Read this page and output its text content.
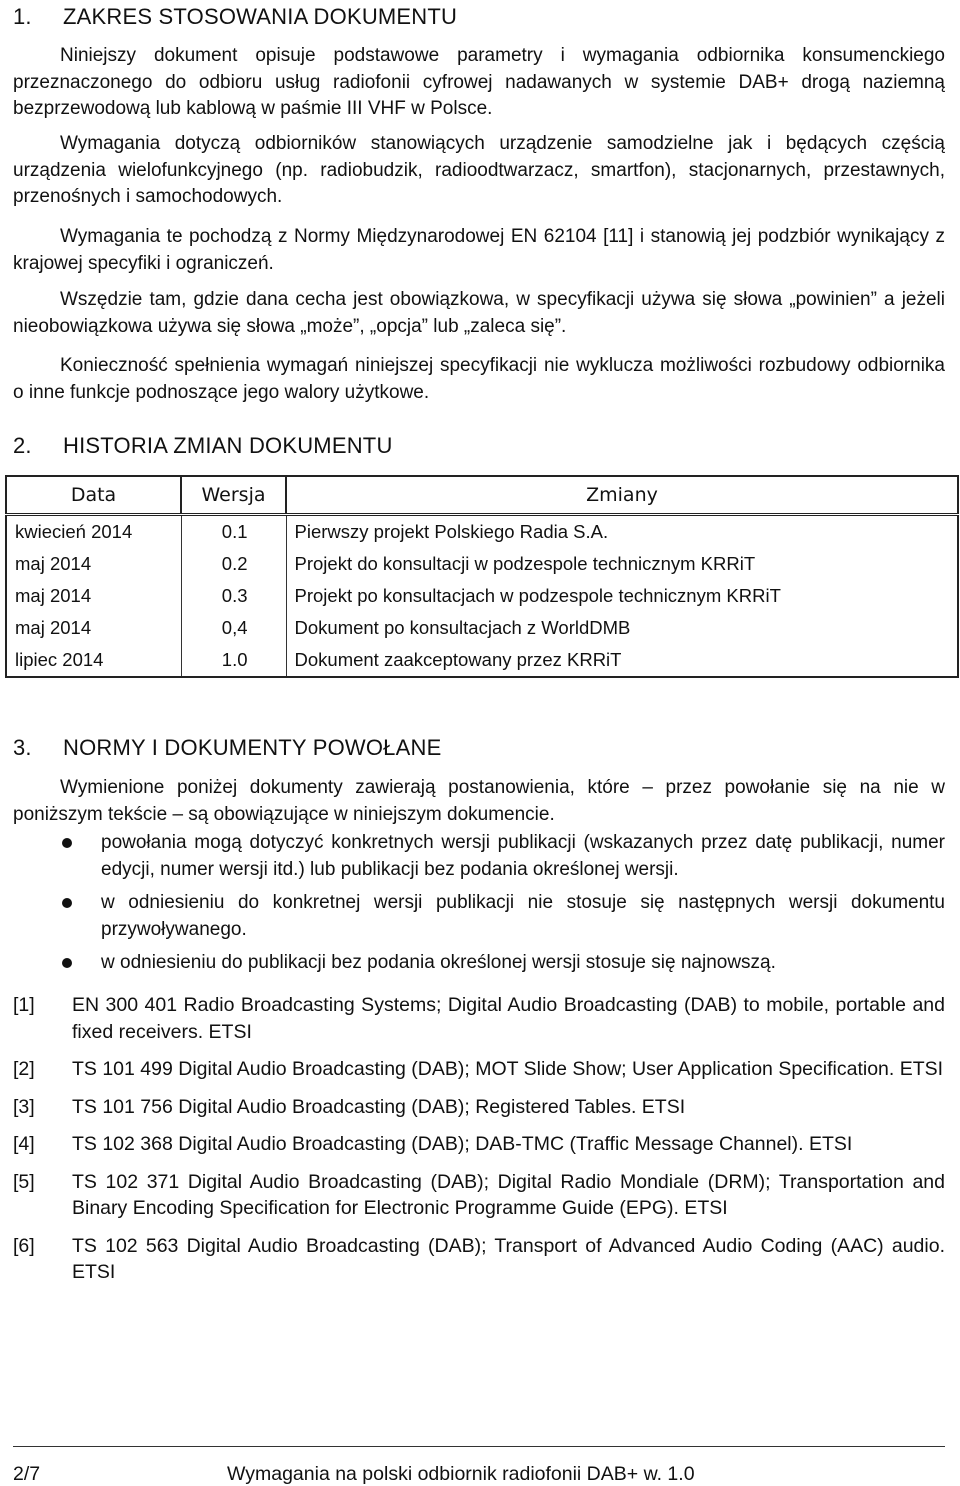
1. ZAKRES STOSOWANIA DOKUMENTU

Niniejszy dokument opisuje podstawowe parametry i wymagania odbiornika konsumenckiego przeznaczonego do odbioru usług radiofonii cyfrowej nadawanych w systemie DAB+ drogą naziemną bezprzewodową lub kablową w paśmie III VHF w Polsce.

Wymagania dotyczą odbiorników stanowiących urządzenie samodzielne jak i będących częścią urządzenia wielofunkcyjnego (np. radiobudzik, radioodtwarzacz, smartfon), stacjonarnych, przestawnych, przenośnych i samochodowych.

Wymagania te pochodzą z Normy Międzynarodowej EN 62104 [11] i stanowią jej podzbiór wynikający z krajowej specyfiki i ograniczeń.

Wszędzie tam, gdzie dana cecha jest obowiązkowa, w specyfikacji używa się słowa „powinien” a jeżeli nieobowiązkowa używa się słowa „może”, „opcja” lub „zaleca się”.

Konieczność spełnienia wymagań niniejszej specyfikacji nie wyklucza możliwości rozbudowy odbiornika o inne funkcje podnoszące jego walory użytkowe.

2. HISTORIA ZMIAN DOKUMENTU
Data	Wersja	Zmiany
kwiecień 2014	0.1	Pierwszy projekt Polskiego Radia S.A.
maj 2014	0.2	Projekt do konsultacji w podzespole technicznym KRRiT
maj 2014	0.3	Projekt po konsultacjach w podzespole technicznym KRRiT
maj 2014	0,4	Dokument po konsultacjach z WorldDMB
lipiec 2014	1.0	Dokument zaakceptowany przez KRRiT
3. NORMY I DOKUMENTY POWOŁANE

Wymienione poniżej dokumenty zawierają postanowienia, które – przez powołanie się na nie w poniższym tekście – są obowiązujące w niniejszym dokumencie.

powołania mogą dotyczyć konkretnych wersji publikacji (wskazanych przez datę publikacji, numer edycji, numer wersji itd.) lub publikacji bez podania określonej wersji.
w odniesieniu do konkretnej wersji publikacji nie stosuje się następnych wersji dokumentu przywoływanego.
w odniesieniu do publikacji bez podania określonej wersji stosuje się najnowszą.
[1] EN 300 401 Radio Broadcasting Systems; Digital Audio Broadcasting (DAB) to mobile, portable and fixed receivers. ETSI
[2] TS 101 499 Digital Audio Broadcasting (DAB); MOT Slide Show; User Application Specification. ETSI
[3] TS 101 756 Digital Audio Broadcasting (DAB); Registered Tables. ETSI
[4] TS 102 368 Digital Audio Broadcasting (DAB); DAB-TMC (Traffic Message Channel). ETSI
[5] TS 102 371 Digital Audio Broadcasting (DAB); Digital Radio Mondiale (DRM); Transportation and Binary Encoding Specification for Electronic Programme Guide (EPG). ETSI
[6] TS 102 563 Digital Audio Broadcasting (DAB); Transport of Advanced Audio Coding (AAC) audio. ETSI
2/7	Wymagania na polski odbiornik radiofonii DAB+ w. 1.0
